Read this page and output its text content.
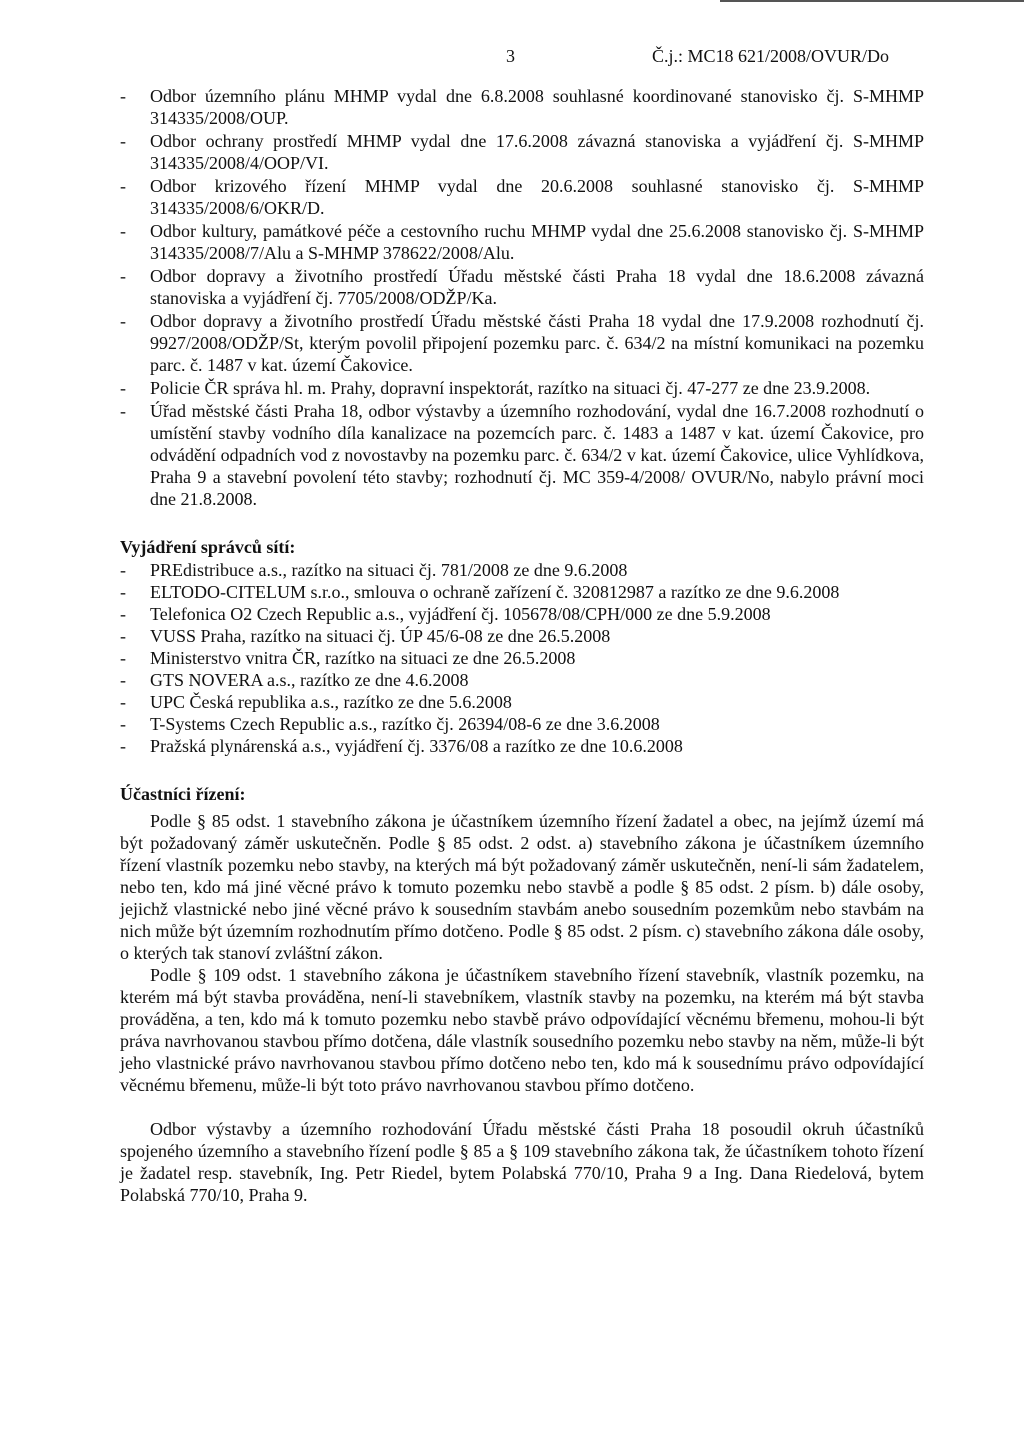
3	Č.j.: MC18 621/2008/OVUR/Do
- Odbor územního plánu MHMP vydal dne 6.8.2008 souhlasné koordinované stanovisko čj. S-MHMP 314335/2008/OUP.
- Odbor ochrany prostředí MHMP vydal dne 17.6.2008 závazná stanoviska a vyjádření čj. S-MHMP 314335/2008/4/OOP/VI.
- Odbor krizového řízení MHMP vydal dne 20.6.2008 souhlasné stanovisko čj. S-MHMP 314335/2008/6/OKR/D.
- Odbor kultury, památkové péče a cestovního ruchu MHMP vydal dne 25.6.2008 stanovisko čj. S-MHMP 314335/2008/7/Alu a S-MHMP 378622/2008/Alu.
- Odbor dopravy a životního prostředí Úřadu městské části Praha 18 vydal dne 18.6.2008 závazná stanoviska a vyjádření čj. 7705/2008/ODŽP/Ka.
- Odbor dopravy a životního prostředí Úřadu městské části Praha 18 vydal dne 17.9.2008 rozhodnutí čj. 9927/2008/ODŽP/St, kterým povolil připojení pozemku parc. č. 634/2 na místní komunikaci na pozemku parc. č. 1487 v kat. území Čakovice.
- Policie ČR správa hl. m. Prahy, dopravní inspektorát, razítko na situaci čj. 47-277 ze dne 23.9.2008.
- Úřad městské části Praha 18, odbor výstavby a územního rozhodování, vydal dne 16.7.2008 rozhodnutí o umístění stavby vodního díla kanalizace na pozemcích parc. č. 1483 a 1487 v kat. území Čakovice, pro odvádění odpadních vod z novostavby na pozemku parc. č. 634/2 v kat. území Čakovice, ulice Vyhlídkova, Praha 9 a stavební povolení této stavby; rozhodnutí čj. MC 359-4/2008/ OVUR/No, nabylo právní moci dne 21.8.2008.

Vyjádření správců sítí:

- PREdistribuce a.s., razítko na situaci čj. 781/2008 ze dne 9.6.2008
- ELTODO-CITELUM s.r.o., smlouva o ochraně zařízení č. 320812987 a razítko ze dne 9.6.2008
- Telefonica O2 Czech Republic a.s., vyjádření čj. 105678/08/CPH/000 ze dne 5.9.2008
- VUSS Praha, razítko na situaci čj. ÚP 45/6-08 ze dne 26.5.2008
- Ministerstvo vnitra ČR, razítko na situaci ze dne 26.5.2008
- GTS NOVERA a.s., razítko ze dne 4.6.2008
- UPC Česká republika a.s., razítko ze dne 5.6.2008
- T-Systems Czech Republic a.s., razítko čj. 26394/08-6 ze dne 3.6.2008
- Pražská plynárenská a.s., vyjádření čj. 3376/08 a razítko ze dne 10.6.2008

Účastníci řízení:

Podle § 85 odst. 1 stavebního zákona je účastníkem územního řízení žadatel a obec, na jejímž území má být požadovaný záměr uskutečněn. Podle § 85 odst. 2 odst. a) stavebního zákona je účastníkem územního řízení vlastník pozemku nebo stavby, na kterých má být požadovaný záměr uskutečněn, není-li sám žadatelem, nebo ten, kdo má jiné věcné právo k tomuto pozemku nebo stavbě a podle § 85 odst. 2 písm. b) dále osoby, jejichž vlastnické nebo jiné věcné právo k sousedním stavbám anebo sousedním pozemkům nebo stavbám na nich může být územním rozhodnutím přímo dotčeno. Podle § 85 odst. 2 písm. c) stavebního zákona dále osoby, o kterých tak stanoví zvláštní zákon.

Podle § 109 odst. 1 stavebního zákona je účastníkem stavebního řízení stavebník, vlastník pozemku, na kterém má být stavba prováděna, není-li stavebníkem, vlastník stavby na pozemku, na kterém má být stavba prováděna, a ten, kdo má k tomuto pozemku nebo stavbě právo odpovídající věcnému břemenu, mohou-li být práva navrhovanou stavbou přímo dotčena, dále vlastník sousedního pozemku nebo stavby na něm, může-li být jeho vlastnické právo navrhovanou stavbou přímo dotčeno nebo ten, kdo má k sousednímu právo odpovídající věcnému břemenu, může-li být toto právo navrhovanou stavbou přímo dotčeno.

Odbor výstavby a územního rozhodování Úřadu městské části Praha 18 posoudil okruh účastníků spojeného územního a stavebního řízení podle § 85 a § 109 stavebního zákona tak, že účastníkem tohoto řízení je žadatel resp. stavebník, Ing. Petr Riedel, bytem Polabská 770/10, Praha 9 a Ing. Dana Riedelová, bytem Polabská 770/10, Praha 9.
